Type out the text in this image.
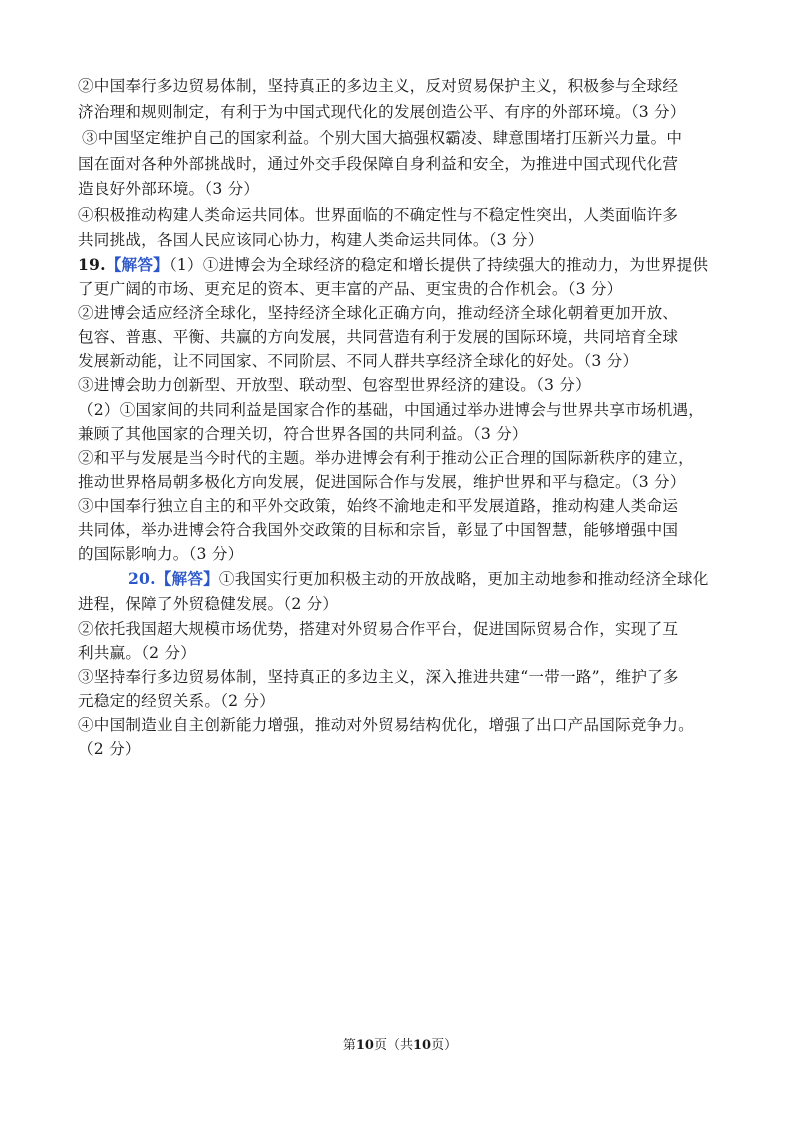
②中国奉行多边贸易体制，坚持真正的多边主义，反对贸易保护主义，积极参与全球经
济治理和规则制定，有利于为中国式现代化的发展创造公平、有序的外部环境。（3 分）
③中国坚定维护自己的国家利益。个别大国大搞强权霸凌、肆意围堵打压新兴力量。中
国在面对各种外部挑战时，通过外交手段保障自身利益和安全，为推进中国式现代化营
造良好外部环境。（3 分）
④积极推动构建人类命运共同体。世界面临的不确定性与不稳定性突出，人类面临许多
共同挑战，各国人民应该同心协力，构建人类命运共同体。（3 分）
19.【解答】（1）①进博会为全球经济的稳定和增长提供了持续强大的推动力，为世界提供
了更广阔的市场、更充足的资本、更丰富的产品、更宝贵的合作机会。（3 分）
②进博会适应经济全球化，坚持经济全球化正确方向，推动经济全球化朝着更加开放、
包容、普惠、平衡、共赢的方向发展，共同营造有利于发展的国际环境，共同培育全球
发展新动能，让不同国家、不同阶层、不同人群共享经济全球化的好处。（3 分）
③进博会助力创新型、开放型、联动型、包容型世界经济的建设。（3 分）
（2）①国家间的共同利益是国家合作的基础，中国通过举办进博会与世界共享市场机遇，
兼顾了其他国家的合理关切，符合世界各国的共同利益。（3 分）
②和平与发展是当今时代的主题。举办进博会有利于推动公正合理的国际新秩序的建立，
推动世界格局朝多极化方向发展，促进国际合作与发展，维护世界和平与稳定。（3 分）
③中国奉行独立自主的和平外交政策，始终不渝地走和平发展道路，推动构建人类命运
共同体，举办进博会符合我国外交政策的目标和宗旨，彰显了中国智慧，能够增强中国
的国际影响力。（3 分）
20.【解答】①我国实行更加积极主动的开放战略，更加主动地参和推动经济全球化
进程，保障了外贸稳健发展。（2 分）
②依托我国超大规模市场优势，搭建对外贸易合作平台，促进国际贸易合作，实现了互
利共赢。（2 分）
③坚持奉行多边贸易体制，坚持真正的多边主义，深入推进共建“一带一路”，维护了多
元稳定的经贸关系。（2 分）
④中国制造业自主创新能力增强，推动对外贸易结构优化，增强了出口产品国际竞争力。
（2 分）
第10页（共10页）
